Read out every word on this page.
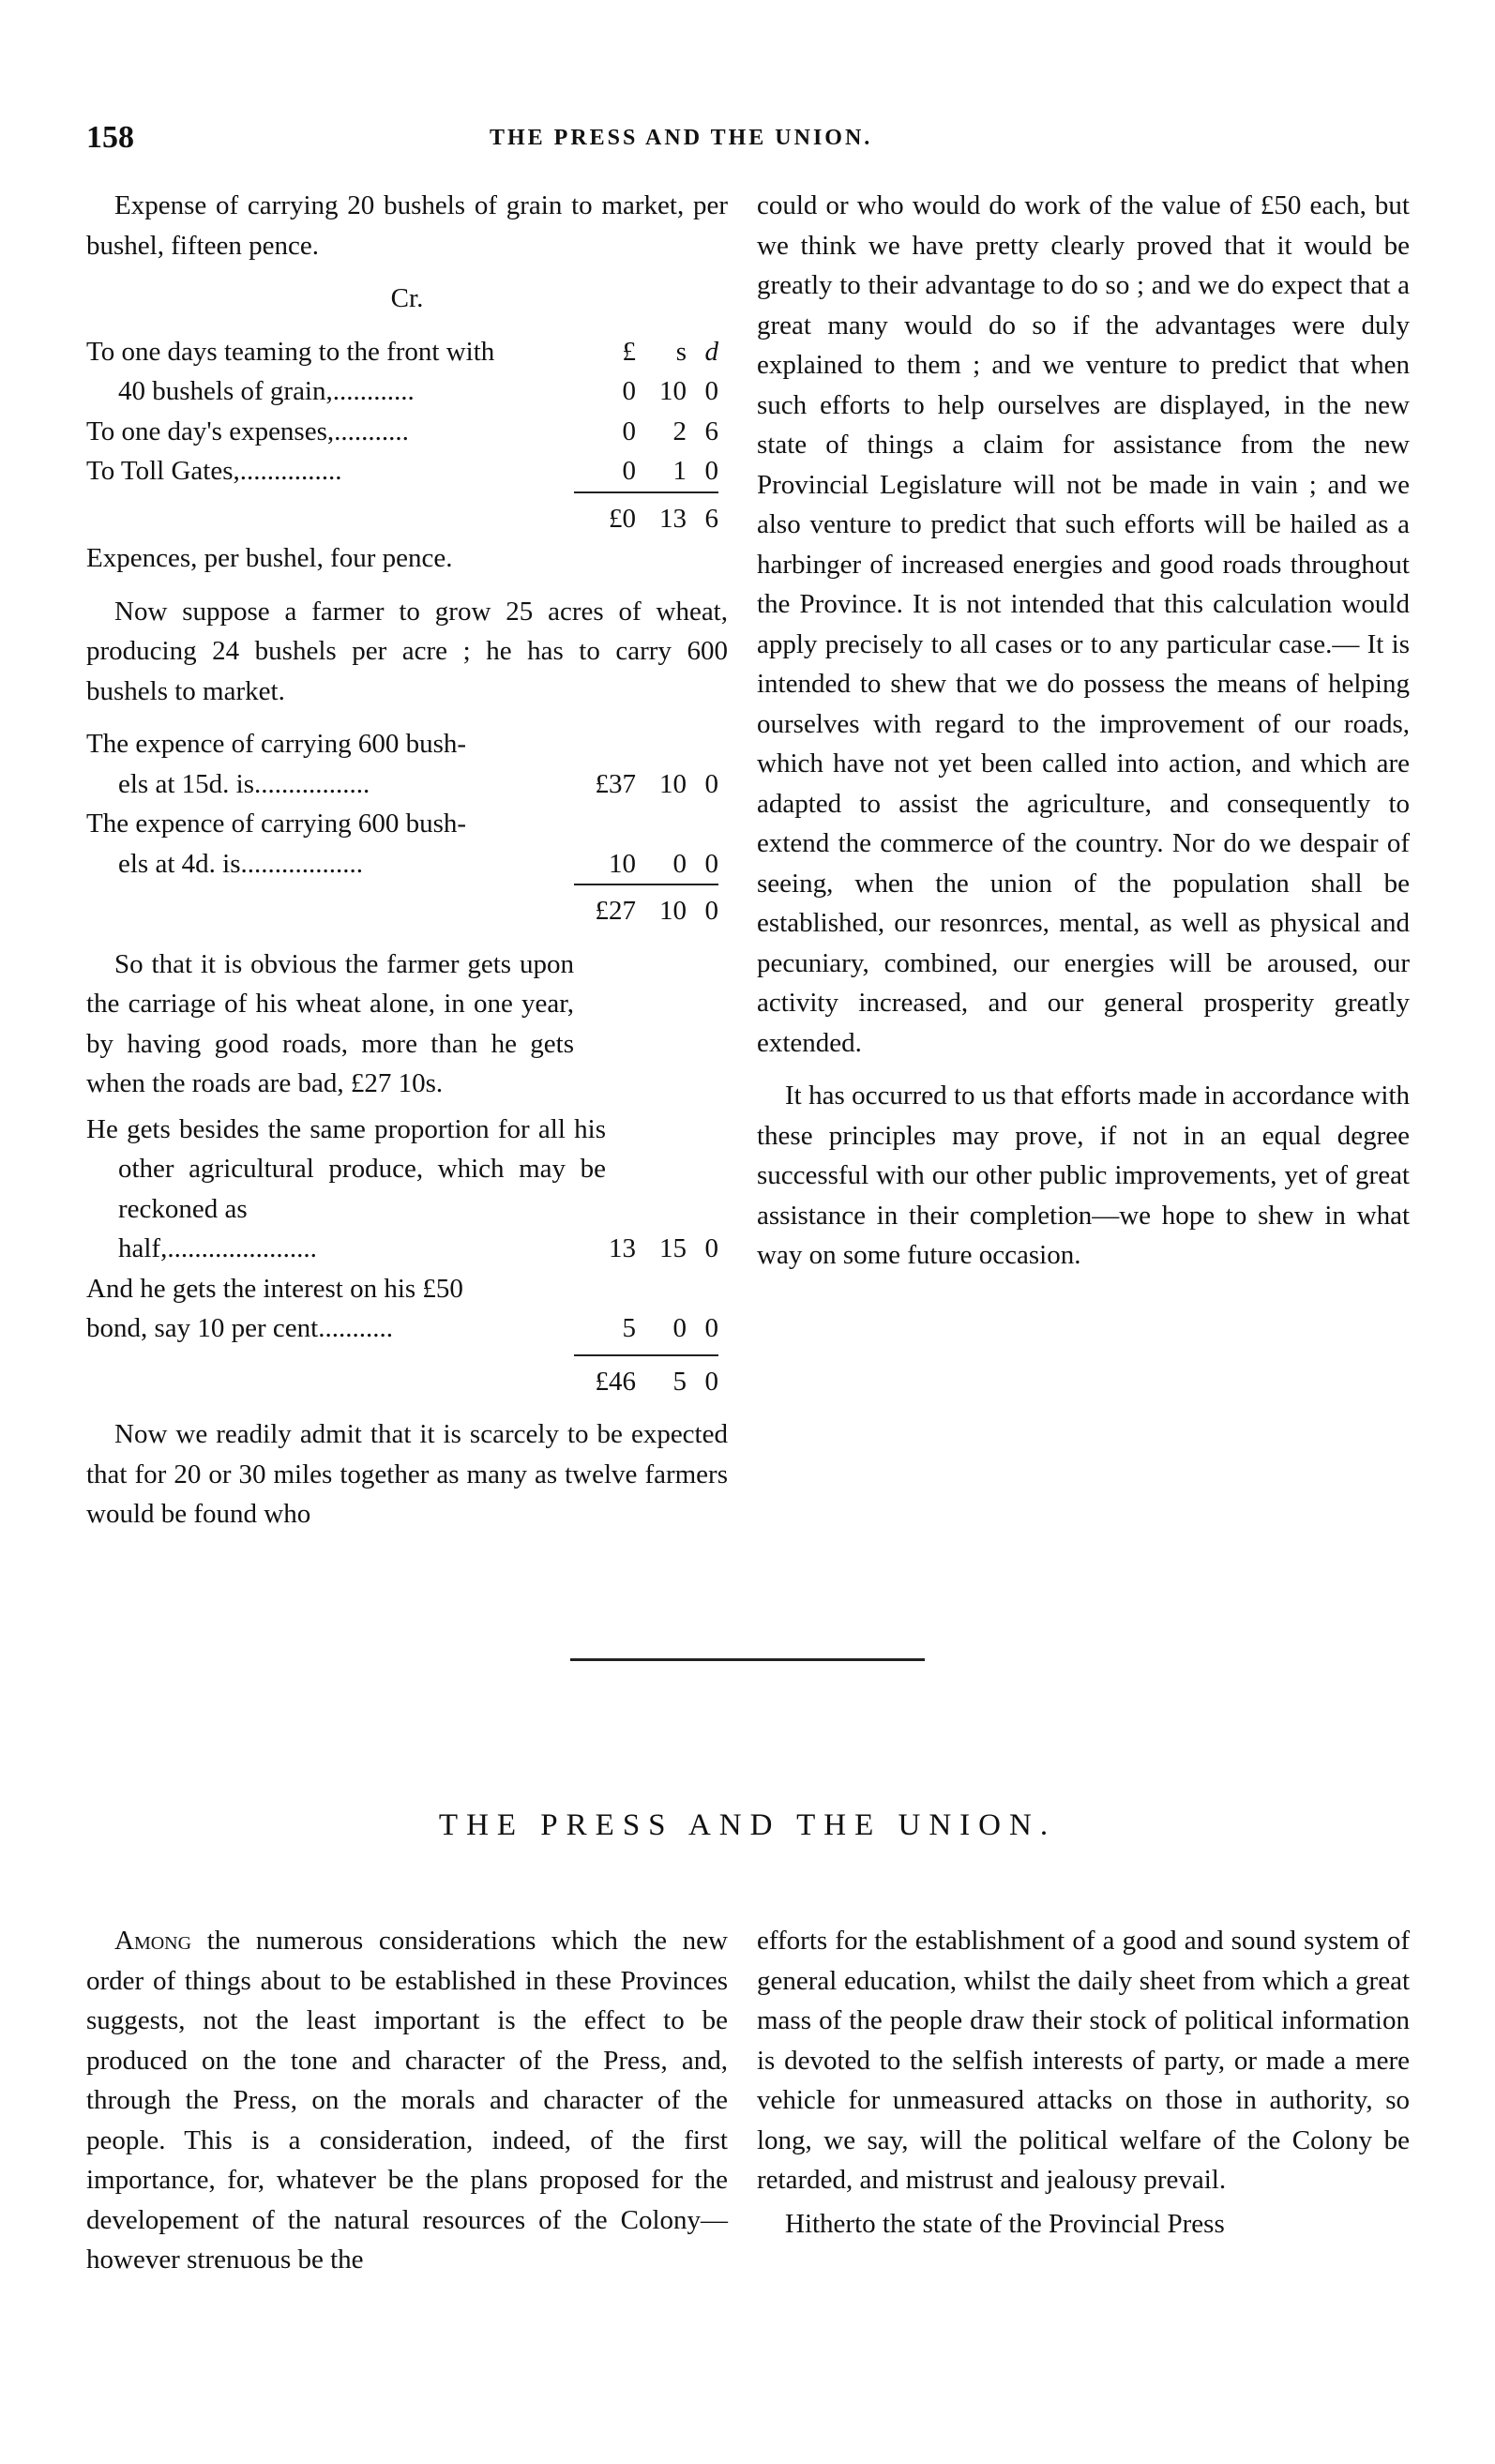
158	THE PRESS AND THE UNION.

Expense of carrying 20 bushels of grain to market, per bushel, fifteen pence.

Cr.

To one days teaming to the front with	£	s d
40 bushels of grain,............	0 10 0
To one day's expenses,...........	0	2 6
To Toll Gates,...............	0	1 0
£0 13 6

Expences, per bushel, four pence.

Now suppose a farmer to grow 25 acres of wheat, producing 24 bushels per acre ; he has to carry 600 bushels to market.

The expence of carrying 600 bush-
els at 15d. is.................	£37 10 0
The expence of carrying 600 bush-
els at 4d. is..................	10	0 0
£27 10 0

So that it is obvious the farmer gets upon the carriage of his wheat alone, in one year, by having good roads, more than he gets when the roads are bad, £27 10s.

He gets besides the same proportion for all his other agricultural produce, which may be reckoned as

half,......................	13 15 0
And he gets the interest on his £50
bond, say 10 per cent...........	5	0 0
£46	5 0

Now we readily admit that it is scarcely to be expected that for 20 or 30 miles together as many as twelve farmers would be found who

could or who would do work of the value of £50 each, but we think we have pretty clearly proved that it would be greatly to their advantage to do so ; and we do expect that a great many would do so if the advantages were duly explained to them ; and we venture to predict that when such efforts to help ourselves are displayed, in the new state of things a claim for assistance from the new Provincial Legislature will not be made in vain ; and we also venture to predict that such efforts will be hailed as a harbinger of increased energies and good roads throughout the Province. It is not intended that this calculation would apply precisely to all cases or to any particular case.— It is intended to shew that we do possess the means of helping ourselves with regard to the improvement of our roads, which have not yet been called into action, and which are adapted to assist the agriculture, and consequently to extend the commerce of the country. Nor do we despair of seeing, when the union of the population shall be established, our resonrces, mental, as well as physical and pecuniary, combined, our energies will be aroused, our activity increased, and our general prosperity greatly extended.

It has occurred to us that efforts made in accordance with these principles may prove, if not in an equal degree successful with our other public improvements, yet of great assistance in their completion—we hope to shew in what way on some future occasion.

THE PRESS AND THE UNION.

Among the numerous considerations which the new order of things about to be established in these Provinces suggests, not the least important is the effect to be produced on the tone and character of the Press, and, through the Press, on the morals and character of the people. This is a consideration, indeed, of the first importance, for, whatever be the plans proposed for the developement of the natural resources of the Colony—however strenuous be the

efforts for the establishment of a good and sound system of general education, whilst the daily sheet from which a great mass of the people draw their stock of political information is devoted to the selfish interests of party, or made a mere vehicle for unmeasured attacks on those in authority, so long, we say, will the political welfare of the Colony be retarded, and mistrust and jealousy prevail.

Hitherto the state of the Provincial Press
